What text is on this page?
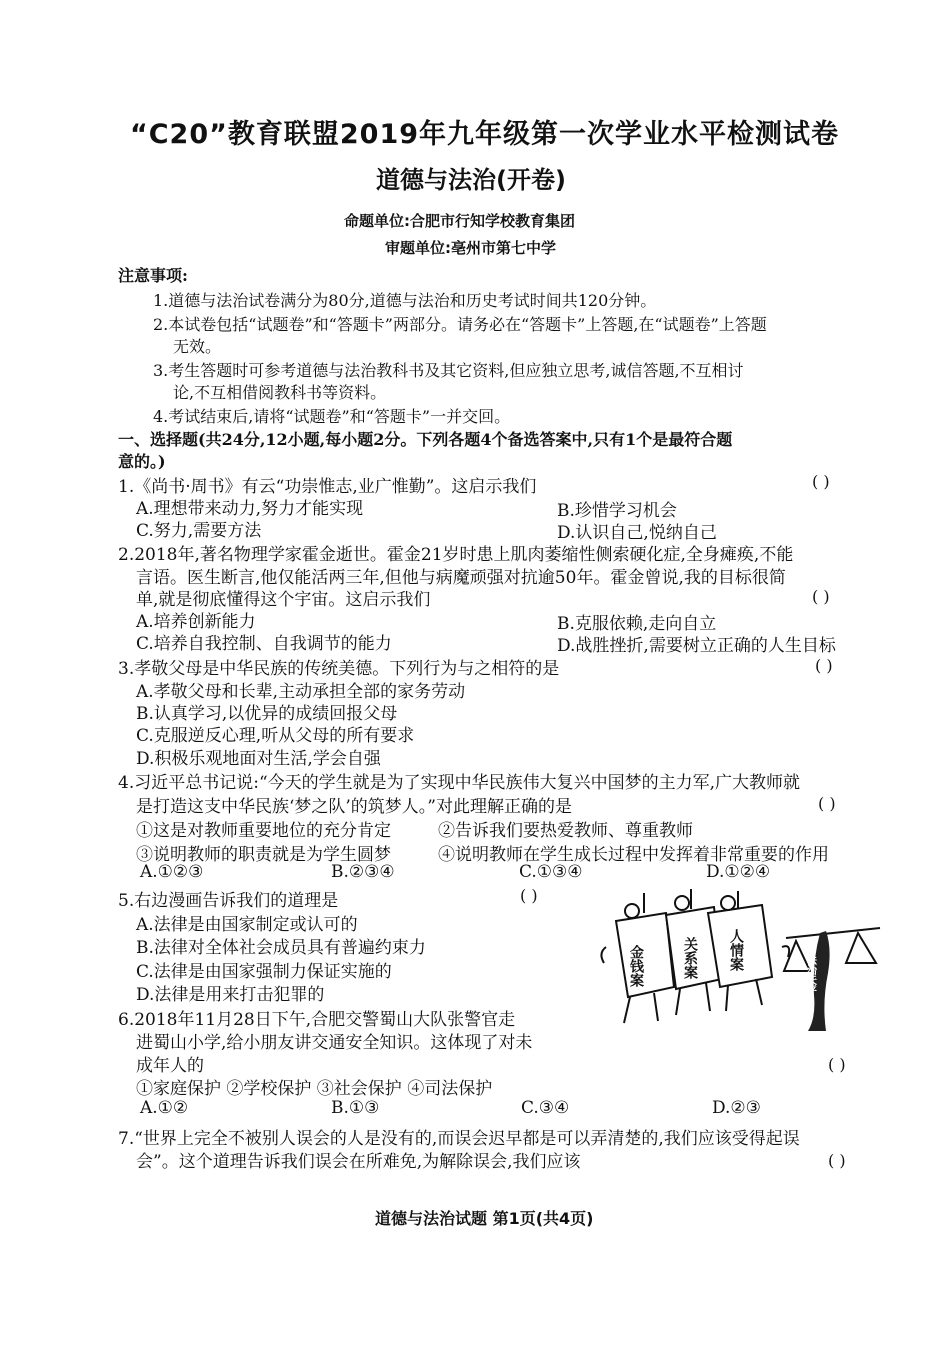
“C20”教育联盟2019年九年级第一次学业水平检测试卷
道德与法治(开卷)
命题单位:合肥市行知学校教育集团
审题单位:亳州市第七中学
注意事项:
1.道德与法治试卷满分为80分,道德与法治和历史考试时间共120分钟。
2.本试卷包括“试题卷”和“答题卡”两部分。请务必在“答题卡”上答题,在“试题卷”上答题
无效。
3.考生答题时可参考道德与法治教科书及其它资料,但应独立思考,诚信答题,不互相讨
论,不互相借阅教科书等资料。
4.考试结束后,请将“试题卷”和“答题卡”一并交回。
一、选择题(共24分,12小题,每小题2分。下列各题4个备选答案中,只有1个是最符合题
意的。)
1.《尚书·周书》有云“功崇惟志,业广惟勤”。这启示我们	( )
A.理想带来动力,努力才能实现	B.珍惜学习机会
C.努力,需要方法	D.认识自己,悦纳自己
2.2018年,著名物理学家霍金逝世。霍金21岁时患上肌肉萎缩性侧索硬化症,全身瘫痪,不能
言语。医生断言,他仅能活两三年,但他与病魔顽强对抗逾50年。霍金曾说,我的目标很简
单,就是彻底懂得这个宇宙。这启示我们	( )
A.培养创新能力	B.克服依赖,走向自立
C.培养自我控制、自我调节的能力	D.战胜挫折,需要树立正确的人生目标
3.孝敬父母是中华民族的传统美德。下列行为与之相符的是	( )
A.孝敬父母和长辈,主动承担全部的家务劳动
B.认真学习,以优异的成绩回报父母
C.克服逆反心理,听从父母的所有要求
D.积极乐观地面对生活,学会自强
4.习近平总书记说:“今天的学生就是为了实现中华民族伟大复兴中国梦的主力军,广大教师就
是打造这支中华民族‘梦之队’的筑梦人。”对此理解正确的是	( )
①这是对教师重要地位的充分肯定	②告诉我们要热爱教师、尊重教师
③说明教师的职责就是为学生圆梦	④说明教师在学生成长过程中发挥着非常重要的作用
A.①②③	B.②③④	C.①③④	D.①②④
5.右边漫画告诉我们的道理是	( )
A.法律是由国家制定或认可的
B.法律对全体社会成员具有普遍约束力
C.法律是由国家强制力保证实施的
D.法律是用来打击犯罪的
金钱案	关系案 人情案
法治天平
6.2018年11月28日下午,合肥交警蜀山大队张警官走
进蜀山小学,给小朋友讲交通安全知识。这体现了对未
成年人的	( )
①家庭保护 ②学校保护 ③社会保护 ④司法保护
A.①②	B.①③	C.③④	D.②③
7.“世界上完全不被别人误会的人是没有的,而误会迟早都是可以弄清楚的,我们应该受得起误
会”。这个道理告诉我们误会在所难免,为解除误会,我们应该	( )
道德与法治试题 第1页(共4页)
